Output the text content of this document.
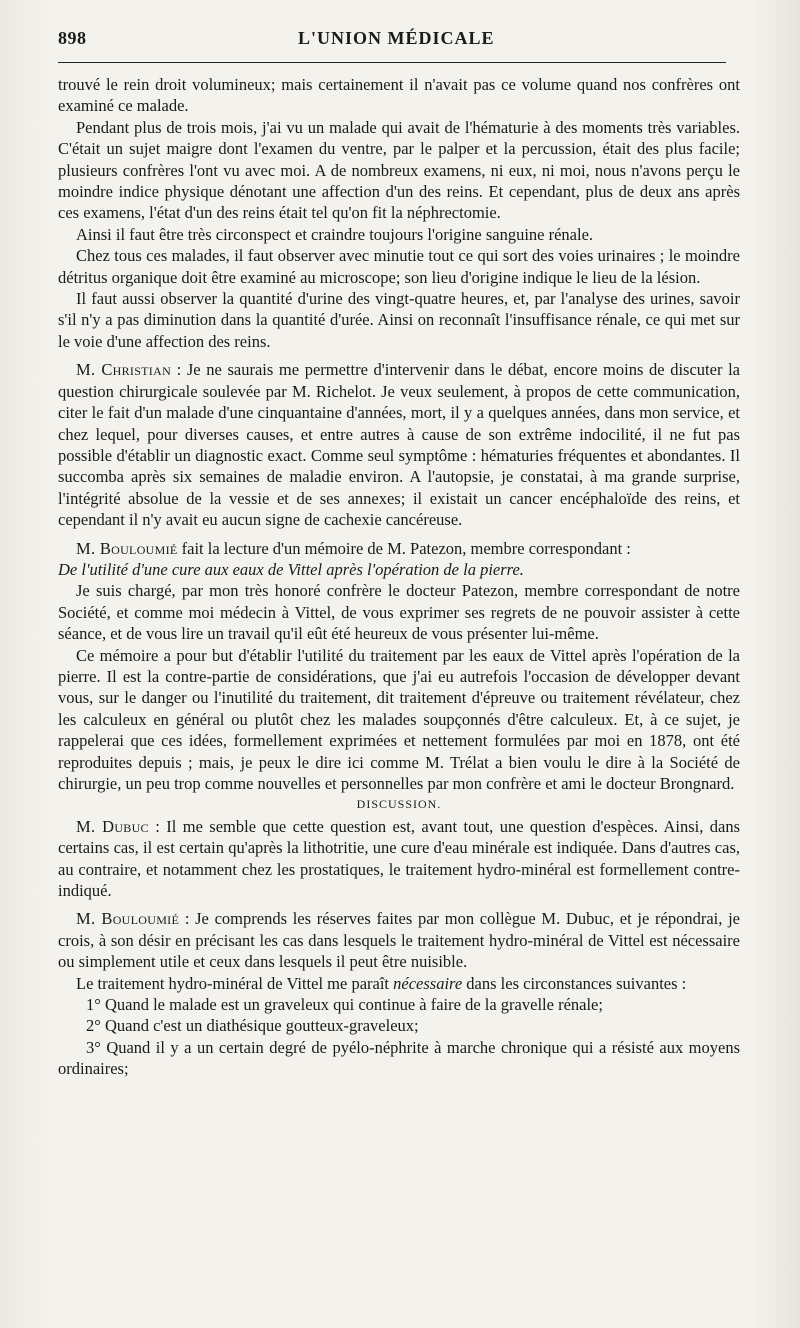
898	L'UNION MÉDICALE

trouvé le rein droit volumineux; mais certainement il n'avait pas ce volume quand nos confrères ont examiné ce malade.

Pendant plus de trois mois, j'ai vu un malade qui avait de l'hématurie à des moments très variables. C'était un sujet maigre dont l'examen du ventre, par le palper et la percussion, était des plus facile; plusieurs confrères l'ont vu avec moi. A de nombreux examens, ni eux, ni moi, nous n'avons perçu le moindre indice physique dénotant une affection d'un des reins. Et cependant, plus de deux ans après ces examens, l'état d'un des reins était tel qu'on fit la néphrectomie.

Ainsi il faut être très circonspect et craindre toujours l'origine sanguine rénale.

Chez tous ces malades, il faut observer avec minutie tout ce qui sort des voies urinaires ; le moindre détritus organique doit être examiné au microscope; son lieu d'origine indique le lieu de la lésion.

Il faut aussi observer la quantité d'urine des vingt-quatre heures, et, par l'analyse des urines, savoir s'il n'y a pas diminution dans la quantité d'urée. Ainsi on reconnaît l'insuffisance rénale, ce qui met sur le voie d'une affection des reins.

M. Christian : Je ne saurais me permettre d'intervenir dans le débat, encore moins de discuter la question chirurgicale soulevée par M. Richelot. Je veux seulement, à propos de cette communication, citer le fait d'un malade d'une cinquantaine d'années, mort, il y a quelques années, dans mon service, et chez lequel, pour diverses causes, et entre autres à cause de son extrême indocilité, il ne fut pas possible d'établir un diagnostic exact. Comme seul symptôme : hématuries fréquentes et abondantes. Il succomba après six semaines de maladie environ. A l'autopsie, je constatai, à ma grande surprise, l'intégrité absolue de la vessie et de ses annexes; il existait un cancer encéphaloïde des reins, et cependant il n'y avait eu aucun signe de cachexie cancéreuse.

M. Bouloumié fait la lecture d'un mémoire de M. Patezon, membre correspondant :

De l'utilité d'une cure aux eaux de Vittel après l'opération de la pierre.

Je suis chargé, par mon très honoré confrère le docteur Patezon, membre correspondant de notre Société, et comme moi médecin à Vittel, de vous exprimer ses regrets de ne pouvoir assister à cette séance, et de vous lire un travail qu'il eût été heureux de vous présenter lui-même.

Ce mémoire a pour but d'établir l'utilité du traitement par les eaux de Vittel après l'opération de la pierre. Il est la contre-partie de considérations, que j'ai eu autrefois l'occasion de développer devant vous, sur le danger ou l'inutilité du traitement, dit traitement d'épreuve ou traitement révélateur, chez les calculeux en général ou plutôt chez les malades soupçonnés d'être calculeux. Et, à ce sujet, je rappelerai que ces idées, formellement exprimées et nettement formulées par moi en 1878, ont été reproduites depuis ; mais, je peux le dire ici comme M. Trélat a bien voulu le dire à la Société de chirurgie, un peu trop comme nouvelles et personnelles par mon confrère et ami le docteur Brongnard.

DISCUSSION.

M. Dubuc : Il me semble que cette question est, avant tout, une question d'espèces. Ainsi, dans certains cas, il est certain qu'après la lithotritie, une cure d'eau minérale est indiquée. Dans d'autres cas, au contraire, et notamment chez les prostatiques, le traitement hydro-minéral est formellement contre-indiqué.

M. Bouloumié : Je comprends les réserves faites par mon collègue M. Dubuc, et je répondrai, je crois, à son désir en précisant les cas dans lesquels le traitement hydro-minéral de Vittel est nécessaire ou simplement utile et ceux dans lesquels il peut être nuisible.

Le traitement hydro-minéral de Vittel me paraît nécessaire dans les circonstances suivantes :

1° Quand le malade est un graveleux qui continue à faire de la gravelle rénale;

2° Quand c'est un diathésique goutteux-graveleux;

3° Quand il y a un certain degré de pyélo-néphrite à marche chronique qui a résisté aux moyens ordinaires;
